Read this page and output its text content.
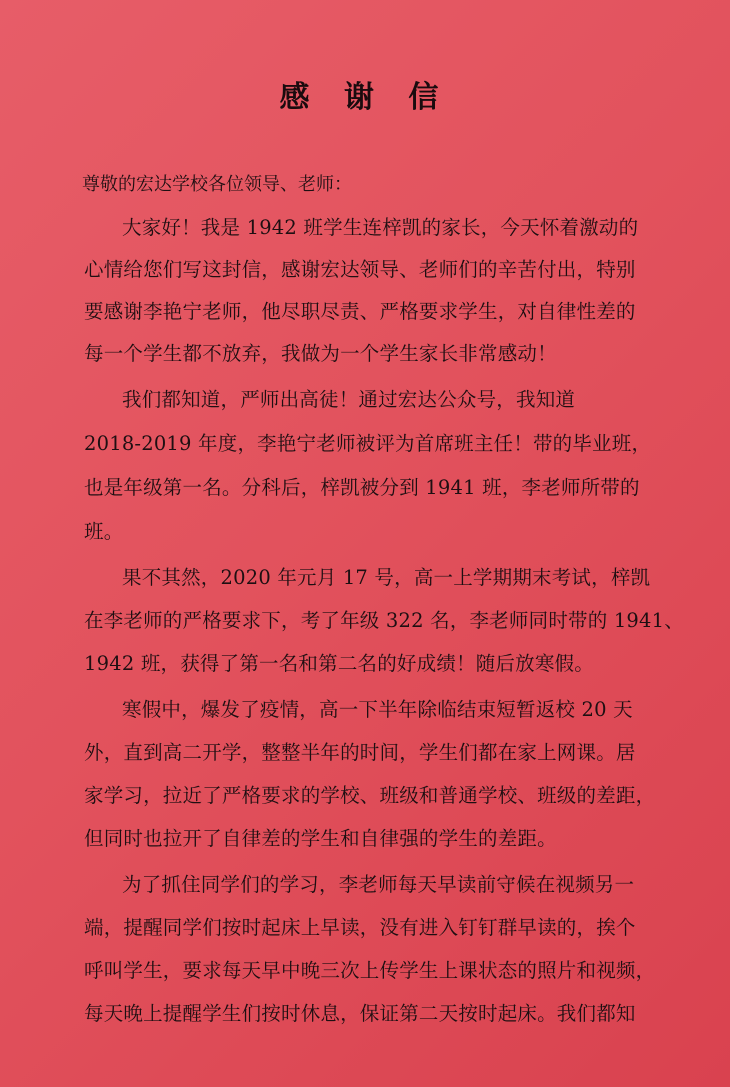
感 谢 信
尊敬的宏达学校各位领导、老师：
大家好！我是 1942 班学生连梓凯的家长，今天怀着激动的
心情给您们写这封信，感谢宏达领导、老师们的辛苦付出，特别
要感谢李艳宁老师，他尽职尽责、严格要求学生，对自律性差的
每一个学生都不放弃，我做为一个学生家长非常感动！
我们都知道，严师出高徒！通过宏达公众号，我知道
2018-2019 年度，李艳宁老师被评为首席班主任！带的毕业班，
也是年级第一名。分科后，梓凯被分到 1941 班，李老师所带的
班。
果不其然，2020 年元月 17 号，高一上学期期末考试，梓凯
在李老师的严格要求下，考了年级 322 名，李老师同时带的 1941、
1942 班，获得了第一名和第二名的好成绩！随后放寒假。
寒假中，爆发了疫情，高一下半年除临结束短暂返校 20 天
外，直到高二开学，整整半年的时间，学生们都在家上网课。居
家学习，拉近了严格要求的学校、班级和普通学校、班级的差距，
但同时也拉开了自律差的学生和自律强的学生的差距。
为了抓住同学们的学习，李老师每天早读前守候在视频另一
端，提醒同学们按时起床上早读，没有进入钉钉群早读的，挨个
呼叫学生，要求每天早中晚三次上传学生上课状态的照片和视频，
每天晚上提醒学生们按时休息，保证第二天按时起床。我们都知
